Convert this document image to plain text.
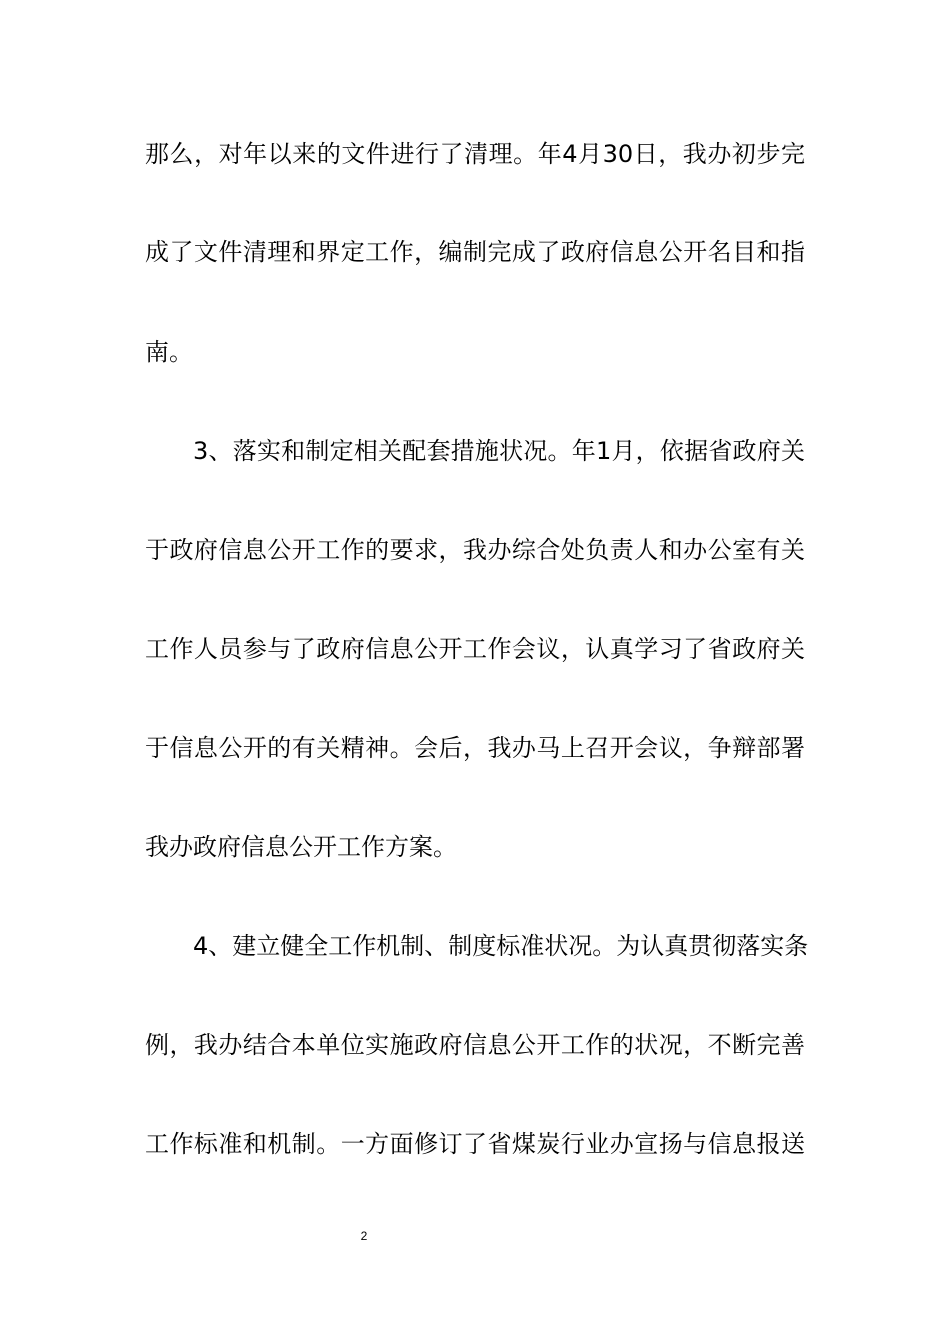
那么，对年以来的文件进行了清理。年4月30日，我办初步完
成了文件清理和界定工作，编制完成了政府信息公开名目和指
南。
3、落实和制定相关配套措施状况。年1月，依据省政府关
于政府信息公开工作的要求，我办综合处负责人和办公室有关
工作人员参与了政府信息公开工作会议，认真学习了省政府关
于信息公开的有关精神。会后，我办马上召开会议，争辩部署
我办政府信息公开工作方案。
4、建立健全工作机制、制度标准状况。为认真贯彻落实条
例，我办结合本单位实施政府信息公开工作的状况，不断完善
工作标准和机制。一方面修订了省煤炭行业办宣扬与信息报送
2
